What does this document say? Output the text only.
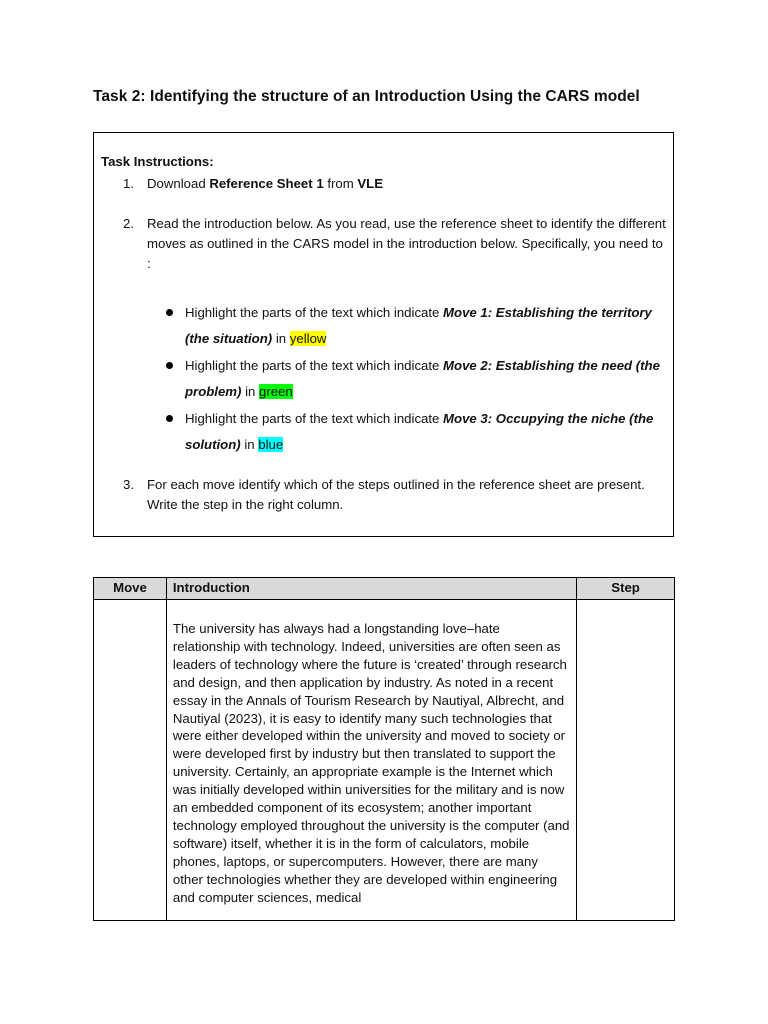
Task 2: Identifying the structure of an Introduction Using the CARS model
Task Instructions:
1. Download Reference Sheet 1 from VLE
2. Read the introduction below. As you read, use the reference sheet to identify the different moves as outlined in the CARS model in the introduction below. Specifically, you need to :
Highlight the parts of the text which indicate Move 1: Establishing the territory (the situation) in yellow
Highlight the parts of the text which indicate Move 2: Establishing the need (the problem) in green
Highlight the parts of the text which indicate Move 3: Occupying the niche (the solution) in blue
3. For each move identify which of the steps outlined in the reference sheet are present. Write the step in the right column.
Move	Introduction	Step

	The university has always had a longstanding love–hate relationship with technology. Indeed, universities are often seen as leaders of technology where the future is ‘created’ through research and design, and then application by industry. As noted in a recent essay in the Annals of Tourism Research by Nautiyal, Albrecht, and Nautiyal (2023), it is easy to identify many such technologies that were either developed within the university and moved to society or were developed first by industry but then translated to support the university. Certainly, an appropriate example is the Internet which was initially developed within universities for the military and is now an embedded component of its ecosystem; another important technology employed throughout the university is the computer (and software) itself, whether it is in the form of calculators, mobile phones, laptops, or supercomputers. However, there are many other technologies whether they are developed within engineering and computer sciences, medical	
